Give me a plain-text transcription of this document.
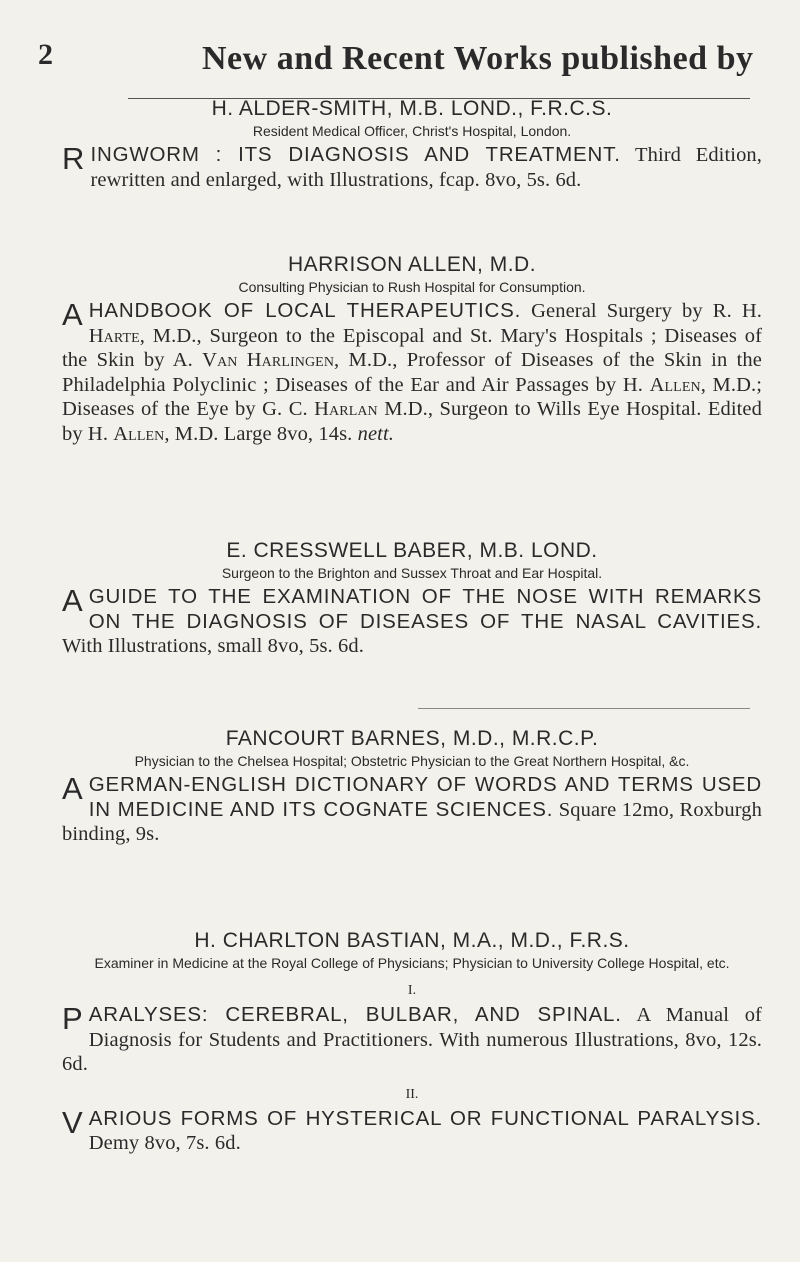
2	New and Recent Works published by

H. ALDER-SMITH, M.B. LOND., F.R.C.S.

Resident Medical Officer, Christ's Hospital, London.

RINGWORM : ITS DIAGNOSIS AND TREATMENT. Third Edition, rewritten and enlarged, with Illustrations, fcap. 8vo, 5s. 6d.

HARRISON ALLEN, M.D.

Consulting Physician to Rush Hospital for Consumption.

A HANDBOOK OF LOCAL THERAPEUTICS. General Surgery by R. H. Harte, M.D., Surgeon to the Episcopal and St. Mary's Hospitals ; Diseases of the Skin by A. Van Harlingen, M.D., Professor of Diseases of the Skin in the Philadelphia Polyclinic ; Diseases of the Ear and Air Passages by H. Allen, M.D.; Diseases of the Eye by G. C. Harlan M.D., Surgeon to Wills Eye Hospital. Edited by H. Allen, M.D. Large 8vo, 14s. nett.

E. CRESSWELL BABER, M.B. LOND.

Surgeon to the Brighton and Sussex Throat and Ear Hospital.

A GUIDE TO THE EXAMINATION OF THE NOSE WITH REMARKS ON THE DIAGNOSIS OF DISEASES OF THE NASAL CAVITIES. With Illustrations, small 8vo, 5s. 6d.

FANCOURT BARNES, M.D., M.R.C.P.

Physician to the Chelsea Hospital; Obstetric Physician to the Great Northern Hospital, &c.

A GERMAN-ENGLISH DICTIONARY OF WORDS AND TERMS USED IN MEDICINE AND ITS COGNATE SCIENCES. Square 12mo, Roxburgh binding, 9s.

H. CHARLTON BASTIAN, M.A., M.D., F.R.S.

Examiner in Medicine at the Royal College of Physicians; Physician to University College Hospital, etc.

I.

PARALYSES: CEREBRAL, BULBAR, AND SPINAL. A Manual of Diagnosis for Students and Practitioners. With numerous Illustrations, 8vo, 12s. 6d.

II.

VARIOUS FORMS OF HYSTERICAL OR FUNCTIONAL PARALYSIS. Demy 8vo, 7s. 6d.
